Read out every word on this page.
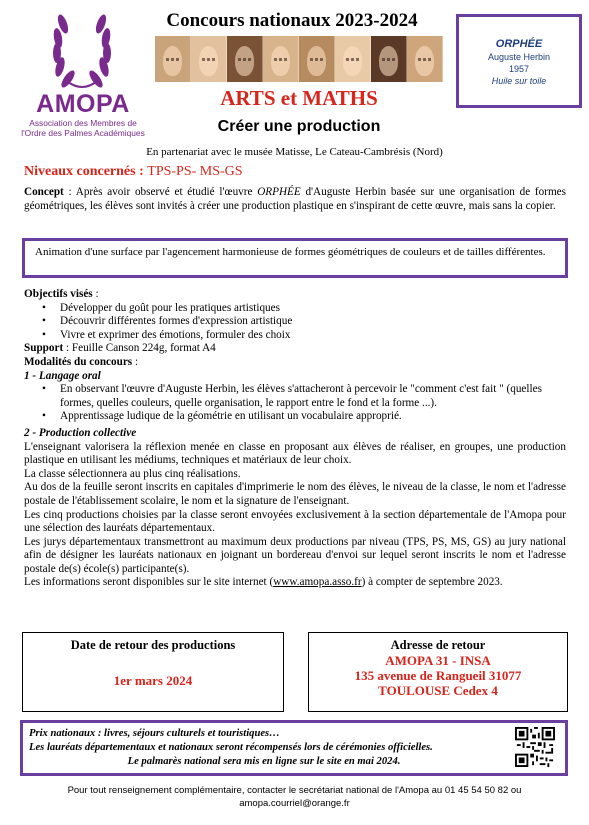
AMOPA
Association des Membres de
l'Ordre des Palmes Académiques
Concours nationaux 2023-2024
ARTS et MATHS
Créer une production
ORPHÉE
Auguste Herbin
1957
Huile sur toile
En partenariat avec le musée Matisse, Le Cateau-Cambrésis (Nord)
Niveaux concernés : TPS-PS- MS-GS
Concept : Après avoir observé et étudié l'œuvre ORPHÉE d'Auguste Herbin basée sur une organisation de formes géométriques, les élèves sont invités à créer une production plastique en s'inspirant de cette œuvre, mais sans la copier.
Animation d'une surface par l'agencement harmonieuse de formes géométriques de couleurs et de tailles différentes.

Objectifs visés :

• Développer du goût pour les pratiques artistiques
• Découvrir différentes formes d'expression artistique
• Vivre et exprimer des émotions, formuler des choix

Support : Feuille Canson 224g, format A4

Modalités du concours :

1 - Langage oral

• En observant l'œuvre d'Auguste Herbin, les élèves s'attacheront à percevoir le "comment c'est fait " (quelles formes, quelles couleurs, quelle organisation, le rapport entre le fond et la forme ...).
• Apprentissage ludique de la géométrie en utilisant un vocabulaire approprié.

2 - Production collective

L'enseignant valorisera la réflexion menée en classe en proposant aux élèves de réaliser, en groupes, une production plastique en utilisant les médiums, techniques et matériaux de leur choix.

La classe sélectionnera au plus cinq réalisations.

Au dos de la feuille seront inscrits en capitales d'imprimerie le nom des élèves, le niveau de la classe, le nom et l'adresse postale de l'établissement scolaire, le nom et la signature de l'enseignant.

Les cinq productions choisies par la classe seront envoyées exclusivement à la section départementale de l'Amopa pour une sélection des lauréats départementaux.

Les jurys départementaux transmettront au maximum deux productions par niveau (TPS, PS, MS, GS) au jury national afin de désigner les lauréats nationaux en joignant un bordereau d'envoi sur lequel seront inscrits le nom et l'adresse postale de(s) école(s) participante(s).

Les informations seront disponibles sur le site internet (www.amopa.asso.fr) à compter de septembre 2023.

Date de retour des productions
1er mars 2024
Adresse de retour
AMOPA 31 - INSA
135 avenue de Rangueil 31077
TOULOUSE Cedex 4
Prix nationaux : livres, séjours culturels et touristiques…
Les lauréats départementaux et nationaux seront récompensés lors de cérémonies officielles.
Le palmarès national sera mis en ligne sur le site en mai 2024.
Pour tout renseignement complémentaire, contacter le secrétariat national de l'Amopa au 01 45 54 50 82 ou
amopa.courriel@orange.fr
